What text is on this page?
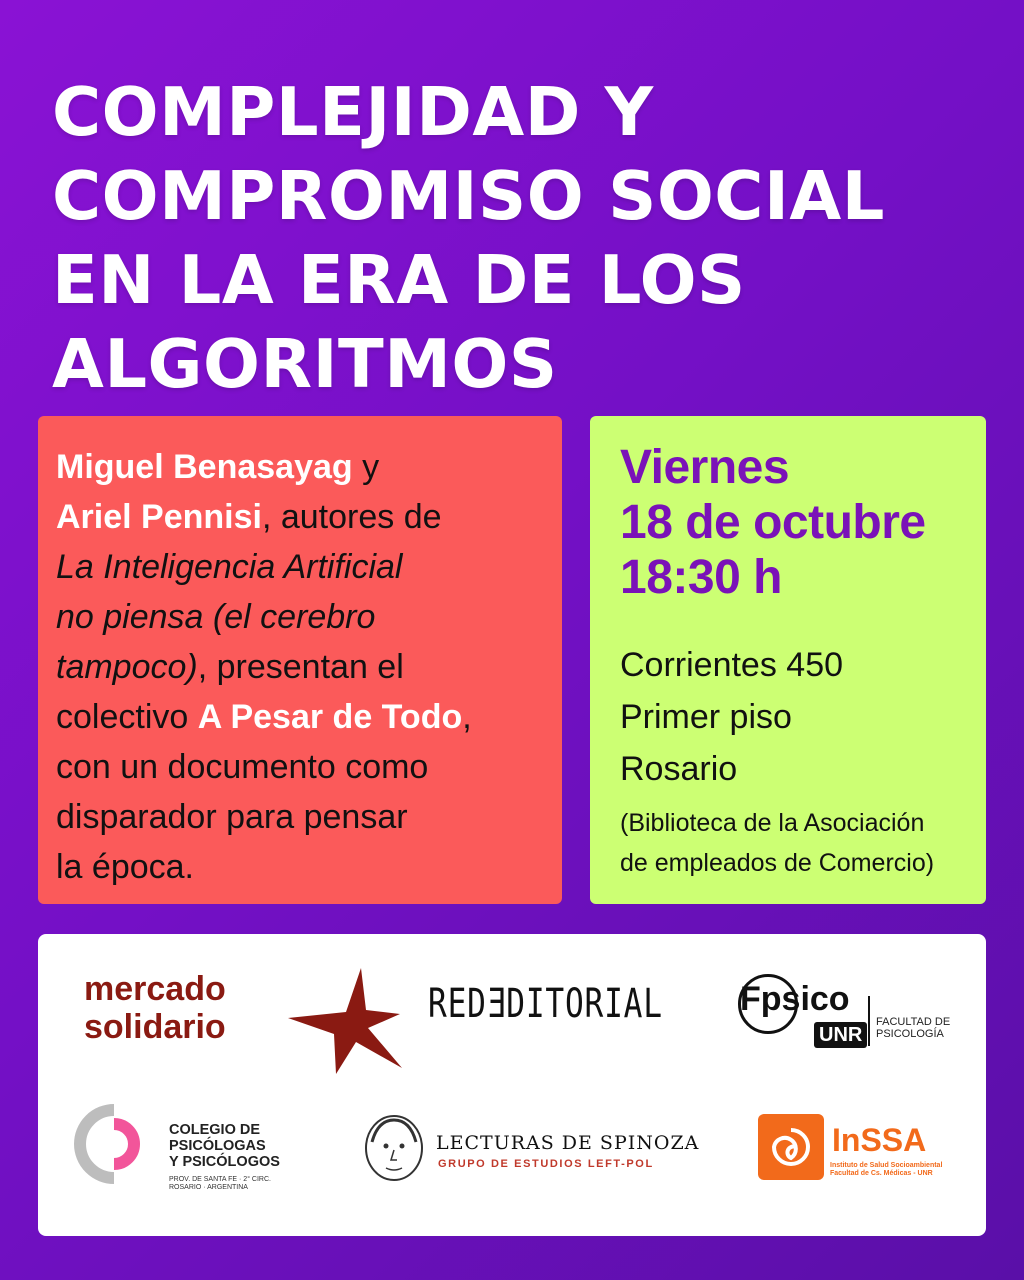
COMPLEJIDAD Y
COMPROMISO SOCIAL
EN LA ERA DE LOS
ALGORITMOS
Miguel Benasayag y
Ariel Pennisi, autores de
La Inteligencia Artificial
no piensa (el cerebro
tampoco), presentan el
colectivo A Pesar de Todo,
con un documento como
disparador para pensar
la época.
Viernes
18 de octubre
18:30 h
Corrientes 450
Primer piso
Rosario
(Biblioteca de la Asociación
de empleados de Comercio)
mercado
solidario	REDƎDITORIAL Fpsico
UNR
FACULTAD DE
PSICOLOGÍA
COLEGIO DE
PSICÓLOGAS
Y PSICÓLOGOS
PROV. DE SANTA FE · 2° CIRC.
ROSARIO · ARGENTINA
LECTURAS DE SPINOZA
GRUPO DE ESTUDIOS LEFT-POL
InSSA
Instituto de Salud Socioambiental
Facultad de Cs. Médicas - UNR
